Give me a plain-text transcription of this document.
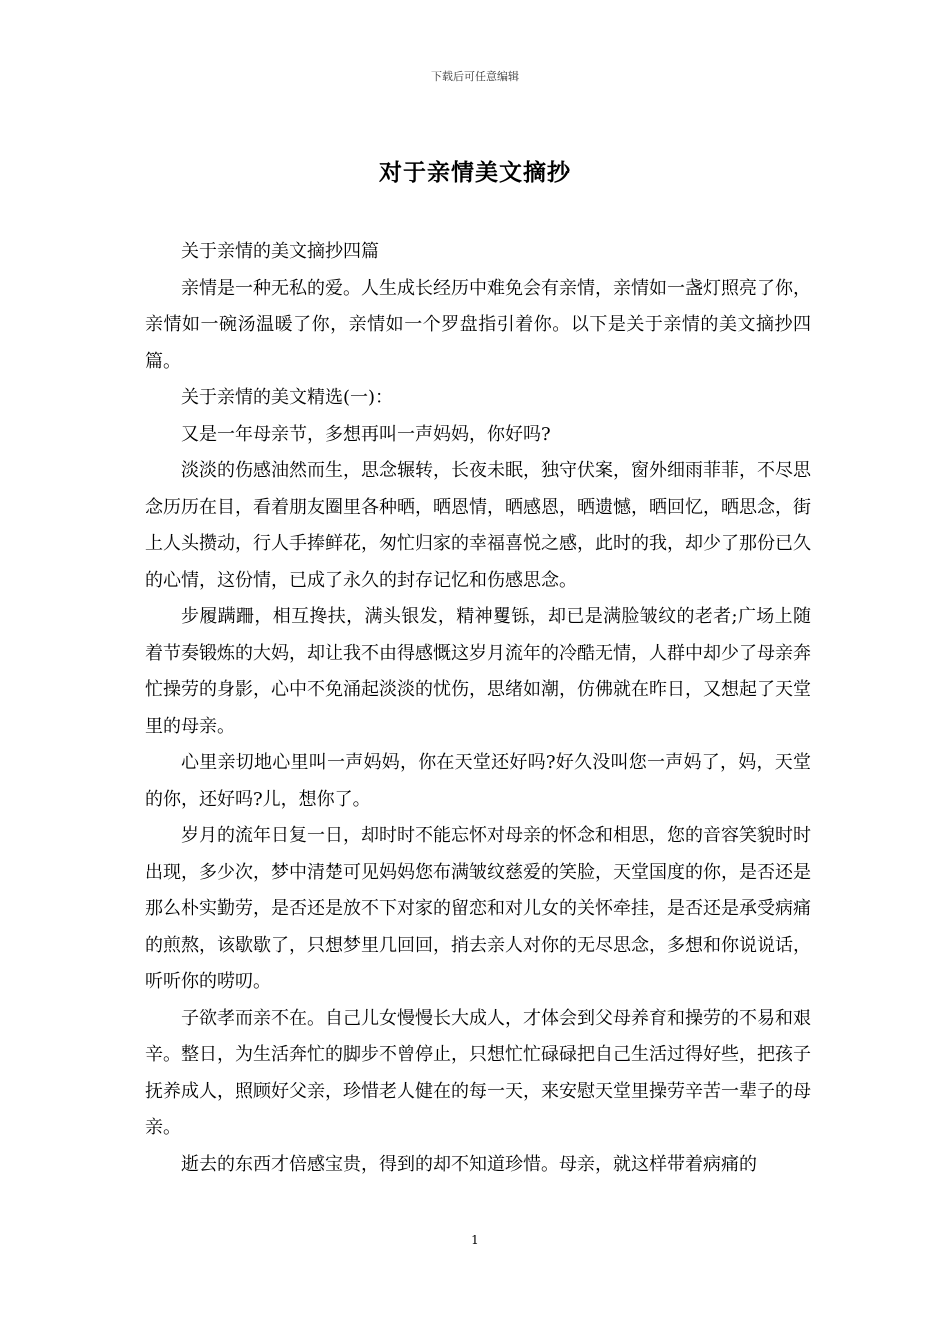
下载后可任意编辑
对于亲情美文摘抄

关于亲情的美文摘抄四篇

亲情是一种无私的爱。人生成长经历中难免会有亲情，亲情如一盏灯照亮了你，亲情如一碗汤温暖了你，亲情如一个罗盘指引着你。以下是关于亲情的美文摘抄四篇。

关于亲情的美文精选(一)：

又是一年母亲节，多想再叫一声妈妈，你好吗?

淡淡的伤感油然而生，思念辗转，长夜未眠，独守伏案，窗外细雨菲菲，不尽思念历历在目，看着朋友圈里各种晒，晒恩情，晒感恩，晒遗憾，晒回忆，晒思念，街上人头攒动，行人手捧鲜花，匆忙归家的幸福喜悦之感，此时的我，却少了那份已久的心情，这份情，已成了永久的封存记忆和伤感思念。

步履蹒跚，相互搀扶，满头银发，精神矍铄，却已是满脸皱纹的老者;广场上随着节奏锻炼的大妈，却让我不由得感慨这岁月流年的冷酷无情，人群中却少了母亲奔忙操劳的身影，心中不免涌起淡淡的忧伤，思绪如潮，仿佛就在昨日，又想起了天堂里的母亲。

心里亲切地心里叫一声妈妈，你在天堂还好吗?好久没叫您一声妈了，妈，天堂的你，还好吗?儿，想你了。

岁月的流年日复一日，却时时不能忘怀对母亲的怀念和相思，您的音容笑貌时时出现，多少次，梦中清楚可见妈妈您布满皱纹慈爱的笑脸，天堂国度的你，是否还是那么朴实勤劳，是否还是放不下对家的留恋和对儿女的关怀牵挂，是否还是承受病痛的煎熬，该歇歇了，只想梦里几回回，捎去亲人对你的无尽思念，多想和你说说话，听听你的唠叨。

子欲孝而亲不在。自己儿女慢慢长大成人，才体会到父母养育和操劳的不易和艰辛。整日，为生活奔忙的脚步不曾停止，只想忙忙碌碌把自己生活过得好些，把孩子抚养成人，照顾好父亲，珍惜老人健在的每一天，来安慰天堂里操劳辛苦一辈子的母亲。

逝去的东西才倍感宝贵，得到的却不知道珍惜。母亲，就这样带着病痛的

1
